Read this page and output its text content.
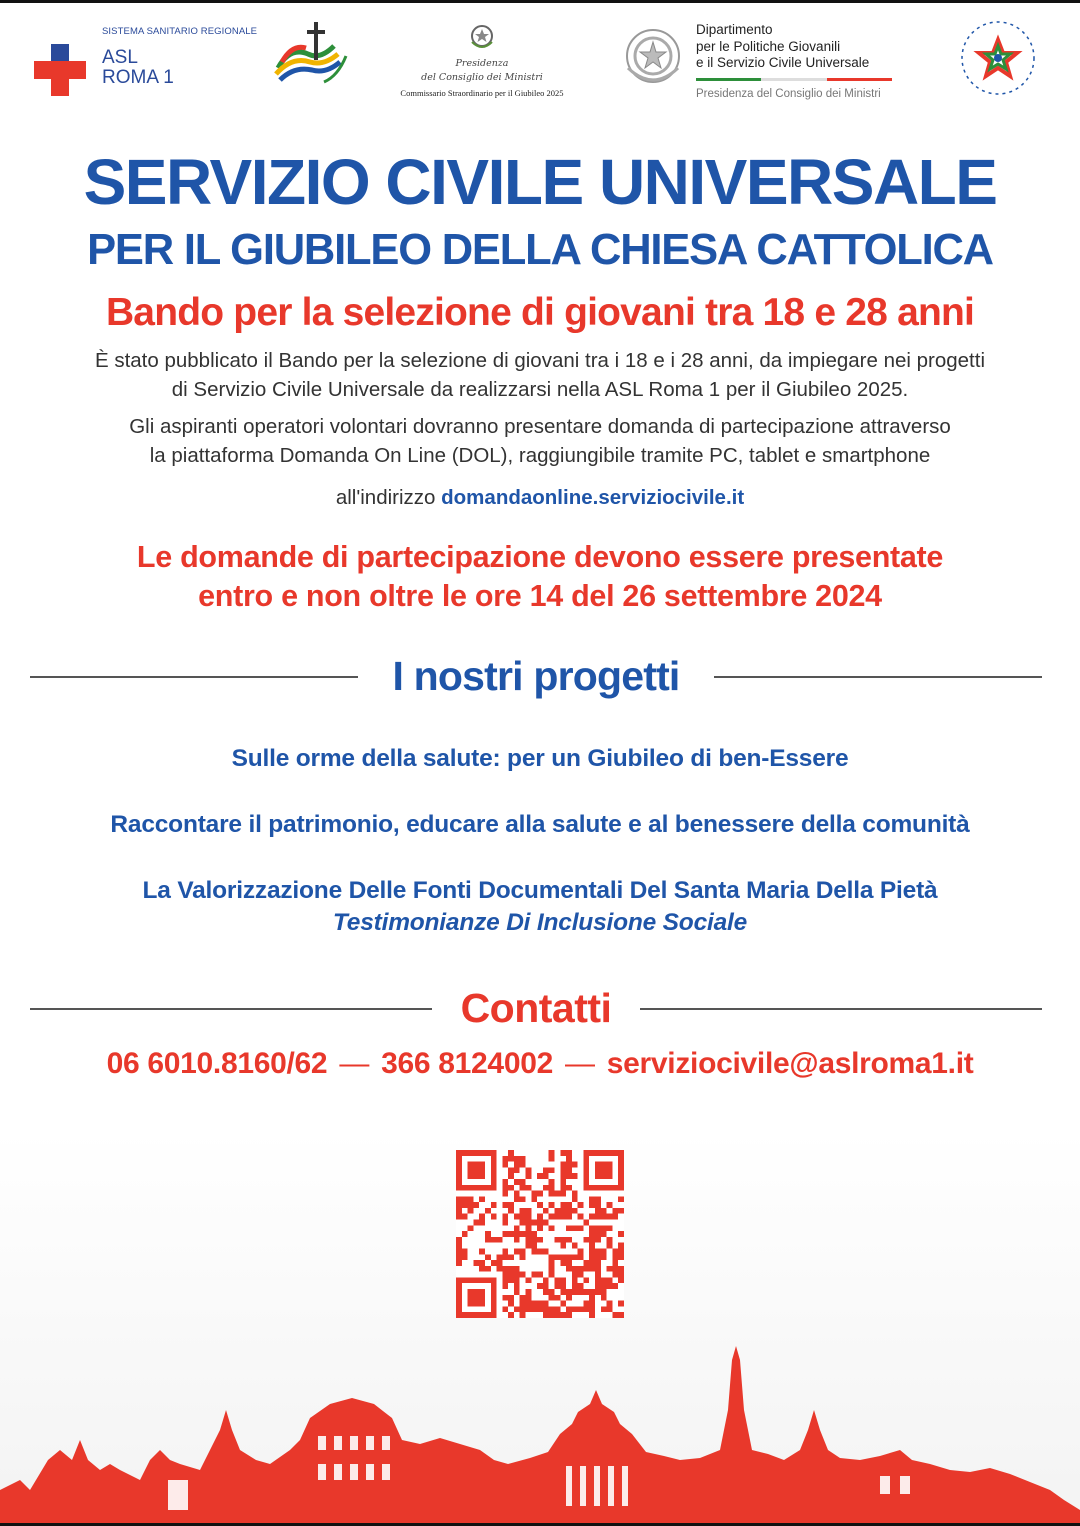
SISTEMA SANITARIO REGIONALE
ASL
ROMA 1
Presidenza
del Consiglio dei Ministri
Commissario Straordinario per il Giubileo 2025
Dipartimento
per le Politiche Giovanili
e il Servizio Civile Universale
Presidenza del Consiglio dei Ministri
SERVIZIO CIVILE UNIVERSALE
PER IL GIUBILEO DELLA CHIESA CATTOLICA
Bando per la selezione di giovani tra 18 e 28 anni
È stato pubblicato il Bando per la selezione di giovani tra i 18 e i 28 anni, da impiegare nei progetti
di Servizio Civile Universale da realizzarsi nella ASL Roma 1 per il Giubileo 2025.
Gli aspiranti operatori volontari dovranno presentare domanda di partecipazione attraverso
la piattaforma Domanda On Line (DOL), raggiungibile tramite PC, tablet e smartphone
all'indirizzo domandaonline.serviziocivile.it
Le domande di partecipazione devono essere presentate
entro e non oltre le ore 14 del 26 settembre 2024
I nostri progetti
Sulle orme della salute: per un Giubileo di ben-Essere
Raccontare il patrimonio, educare alla salute e al benessere della comunità
La Valorizzazione Delle Fonti Documentali Del Santa Maria Della Pietà
Testimonianze Di Inclusione Sociale
Contatti
06 6010.8160/62 — 366 8124002 — serviziocivile@aslroma1.it
